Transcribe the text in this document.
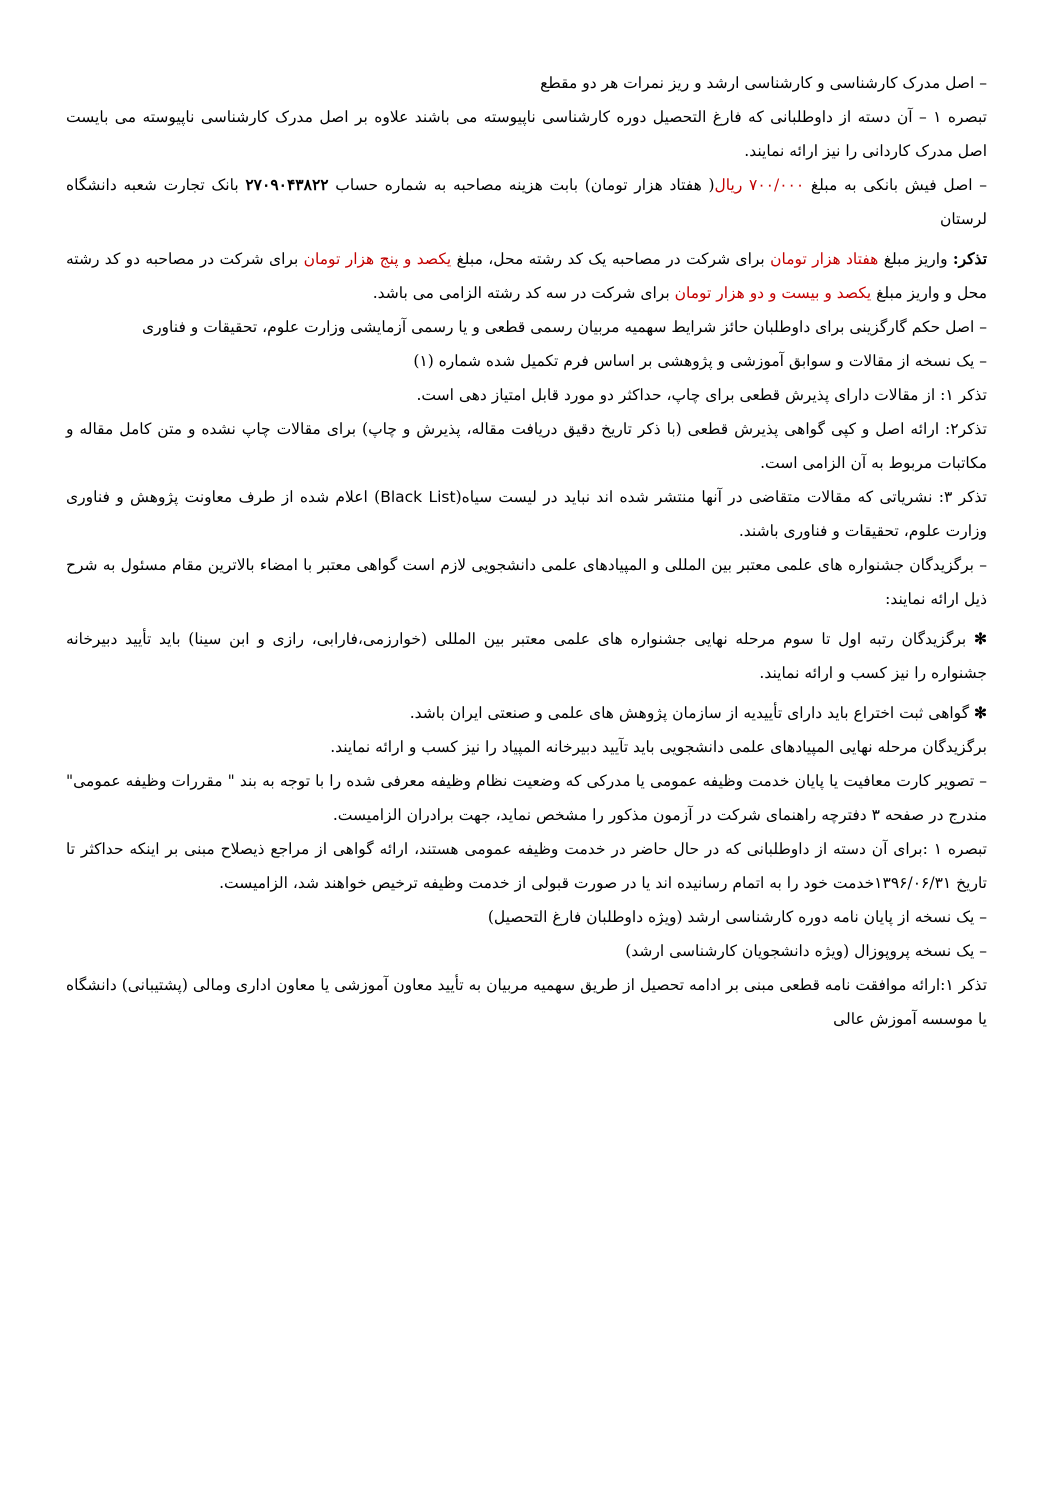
– اصل مدرک کارشناسی و کارشناسی ارشد و ریز نمرات هر دو مقطع

تبصره ۱ – آن دسته از داوطلبانی که فارغ التحصیل دوره کارشناسی ناپیوسته می باشند علاوه بر اصل مدرک کارشناسی ناپیوسته می بایست اصل مدرک کاردانی را نیز ارائه نمایند.

– اصل فیش بانکی به مبلغ ۷۰۰/۰۰۰ ریال( هفتاد هزار تومان) بابت هزینه مصاحبه به شماره حساب ۲۷۰۹۰۴۳۸۲۲ بانک تجارت شعبه دانشگاه لرستان

تذکر: واریز مبلغ هفتاد هزار تومان برای شرکت در مصاحبه یک کد رشته محل، مبلغ یکصد و پنج هزار تومان برای شرکت در مصاحبه دو کد رشته محل و واریز مبلغ یکصد و بیست و دو هزار تومان برای شرکت در سه کد رشته الزامی می باشد.

– اصل حکم گارگزینی برای داوطلبان حائز شرایط سهمیه مربیان رسمی قطعی و یا رسمی آزمایشی وزارت علوم، تحقیقات و فناوری

– یک نسخه از مقالات و سوابق آموزشی و پژوهشی بر اساس فرم تکمیل شده شماره (۱)

تذکر ۱: از مقالات دارای پذیرش قطعی برای چاپ، حداکثر دو مورد قابل امتیاز دهی است.

تذکر۲: ارائه اصل و کپی گواهی پذیرش قطعی (با ذکر تاریخ دقیق دریافت مقاله، پذیرش و چاپ) برای مقالات چاپ نشده و متن کامل مقاله و مکاتبات مربوط به آن الزامی است.

تذکر ۳: نشریاتی که مقالات متقاضی در آنها منتشر شده اند نباید در لیست سیاه(Black List) اعلام شده از طرف معاونت پژوهش و فناوری وزارت علوم، تحقیقات و فناوری باشند.

– برگزیدگان جشنواره های علمی معتبر بین المللی و المپیادهای علمی دانشجویی لازم است گواهی معتبر با امضاء بالاترین مقام مسئول به شرح ذیل ارائه نمایند:

✻ برگزیدگان رتبه اول تا سوم مرحله نهایی جشنواره های علمی معتبر بین المللی (خوارزمی،فارابی، رازی و ابن سینا) باید تأیید دبیرخانه جشنواره را نیز کسب و ارائه نمایند.

✻ گواهی ثبت اختراع باید دارای تأییدیه از سازمان پژوهش های علمی و صنعتی ایران باشد.

برگزیدگان مرحله نهایی المپیادهای علمی دانشجویی باید تآیید دبیرخانه المپیاد را نیز کسب و ارائه نمایند.

– تصویر کارت معافیت یا پایان خدمت وظیفه عمومی یا مدرکی که وضعیت نظام وظیفه معرفی شده را با توجه به بند " مقررات وظیفه عمومی" مندرج در صفحه ۳ دفترچه راهنمای شرکت در آزمون مذکور را مشخص نماید، جهت برادران الزامیست.

تبصره ۱ :برای آن دسته از داوطلبانی که در حال حاضر در خدمت وظیفه عمومی هستند، ارائه گواهی از مراجع ذیصلاح مبنی بر اینکه حداکثر تا تاریخ ۱۳۹۶/۰۶/۳۱خدمت خود را به اتمام رسانیده اند یا در صورت قبولی از خدمت وظیفه ترخیص خواهند شد، الزامیست.

– یک نسخه از پایان نامه دوره کارشناسی ارشد (ویژه داوطلبان فارغ التحصیل)

– یک نسخه پروپوزال (ویژه دانشجویان کارشناسی ارشد)

تذکر ۱:ارائه موافقت نامه قطعی مبنی بر ادامه تحصیل از طریق سهمیه مربیان به تأیید معاون آموزشی یا معاون اداری ومالی (پشتیبانی) دانشگاه یا موسسه آموزش عالی
